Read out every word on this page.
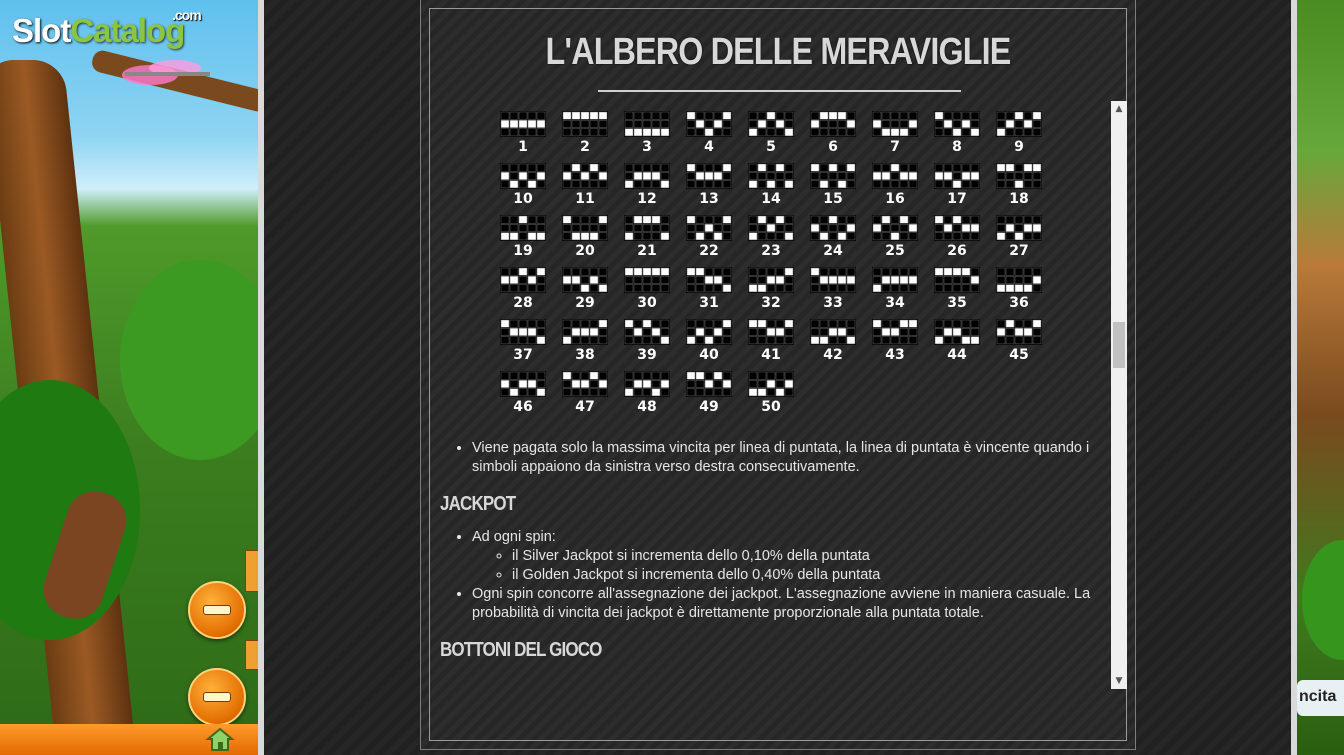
SlotCatalog
.com
ncita
L'ALBERO DELLE MERAVIGLIE
1	2	3	4	5	6	7	8	9
10	11	12	13	14	15	16	17	18
19	20	21	22	23	24	25	26	27
28	29	30	31	32	33	34	35	36
37	38	39	40	41	42	43	44	45
46	47	48	49	50
• Viene pagata solo la massima vincita per linea di puntata, la linea di puntata è vincente quando i simboli appaiono da sinistra verso destra consecutivamente.
JACKPOT
• Ad ogni spin:
◦ il Silver Jackpot si incrementa dello 0,10% della puntata
◦ il Golden Jackpot si incrementa dello 0,40% della puntata
• Ogni spin concorre all'assegnazione dei jackpot. L'assegnazione avviene in maniera casuale. La probabilità di vincita dei jackpot è direttamente proporzionale alla puntata totale.
BOTTONI DEL GIOCO
▲
▼
